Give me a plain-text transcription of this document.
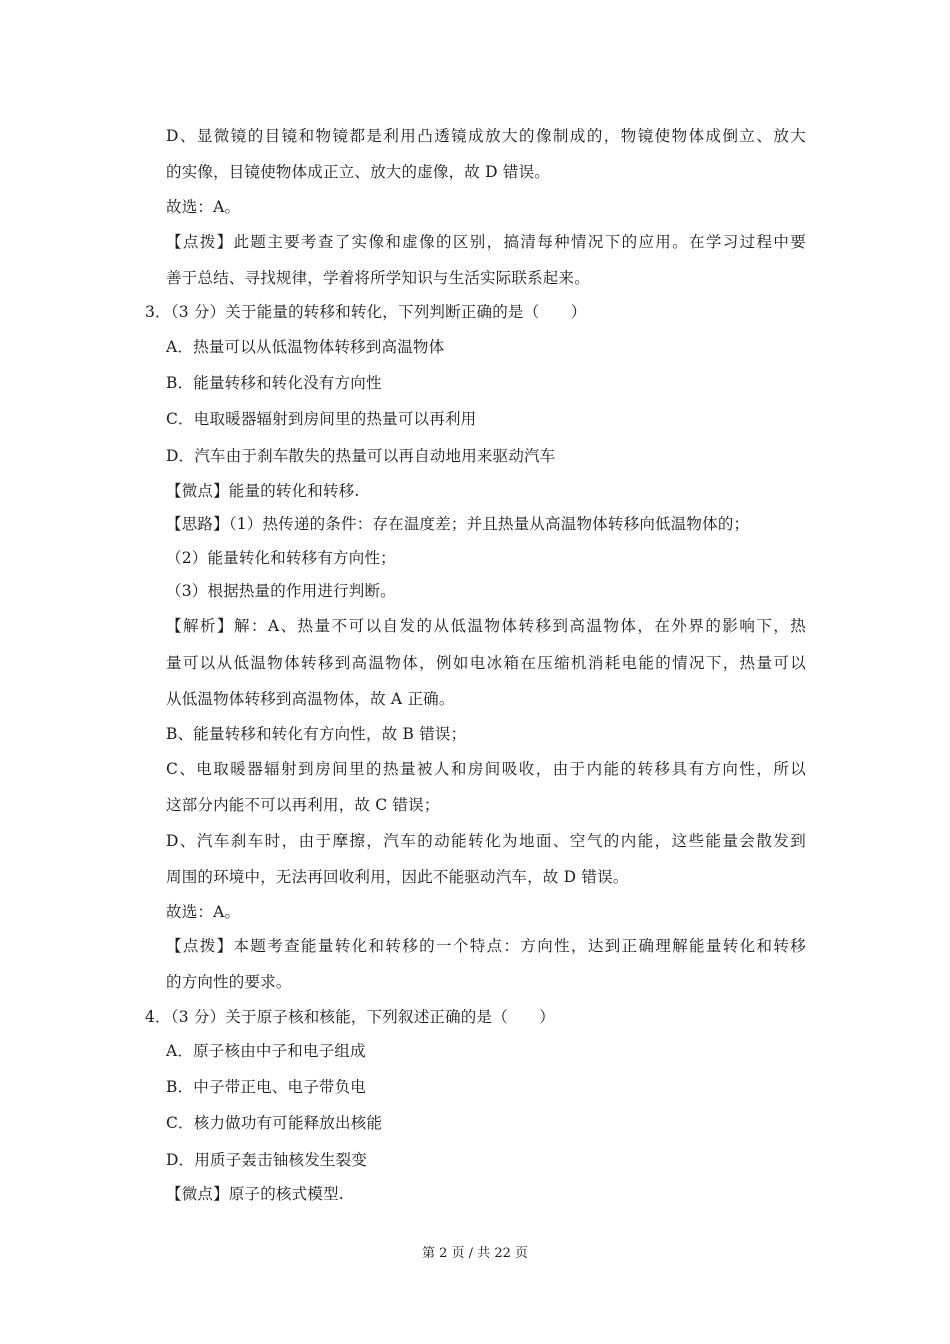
D、显微镜的目镜和物镜都是利用凸透镜成放大的像制成的，物镜使物体成倒立、放大
的实像，目镜使物体成正立、放大的虚像，故 D 错误。
故选：A。
【点拨】此题主要考查了实像和虚像的区别，搞清每种情况下的应用。在学习过程中要
善于总结、寻找规律，学着将所学知识与生活实际联系起来。
3．（3 分）关于能量的转移和转化，下列判断正确的是（　　）
A．热量可以从低温物体转移到高温物体
B．能量转移和转化没有方向性
C．电取暖器辐射到房间里的热量可以再利用
D．汽车由于刹车散失的热量可以再自动地用来驱动汽车
【微点】能量的转化和转移.
【思路】（1）热传递的条件：存在温度差；并且热量从高温物体转移向低温物体的；
（2）能量转化和转移有方向性；
（3）根据热量的作用进行判断。
【解析】解：A、热量不可以自发的从低温物体转移到高温物体，在外界的影响下，热
量可以从低温物体转移到高温物体，例如电冰箱在压缩机消耗电能的情况下，热量可以
从低温物体转移到高温物体，故 A 正确。
B、能量转移和转化有方向性，故 B 错误；
C、电取暖器辐射到房间里的热量被人和房间吸收，由于内能的转移具有方向性，所以
这部分内能不可以再利用，故 C 错误；
D、汽车刹车时，由于摩擦，汽车的动能转化为地面、空气的内能，这些能量会散发到
周围的环境中，无法再回收利用，因此不能驱动汽车，故 D 错误。
故选：A。
【点拨】本题考查能量转化和转移的一个特点：方向性，达到正确理解能量转化和转移
的方向性的要求。
4．（3 分）关于原子核和核能，下列叙述正确的是（　　）
A．原子核由中子和电子组成
B．中子带正电、电子带负电
C．核力做功有可能释放出核能
D．用质子轰击铀核发生裂变
【微点】原子的核式模型.
第 2 页 / 共 22 页
